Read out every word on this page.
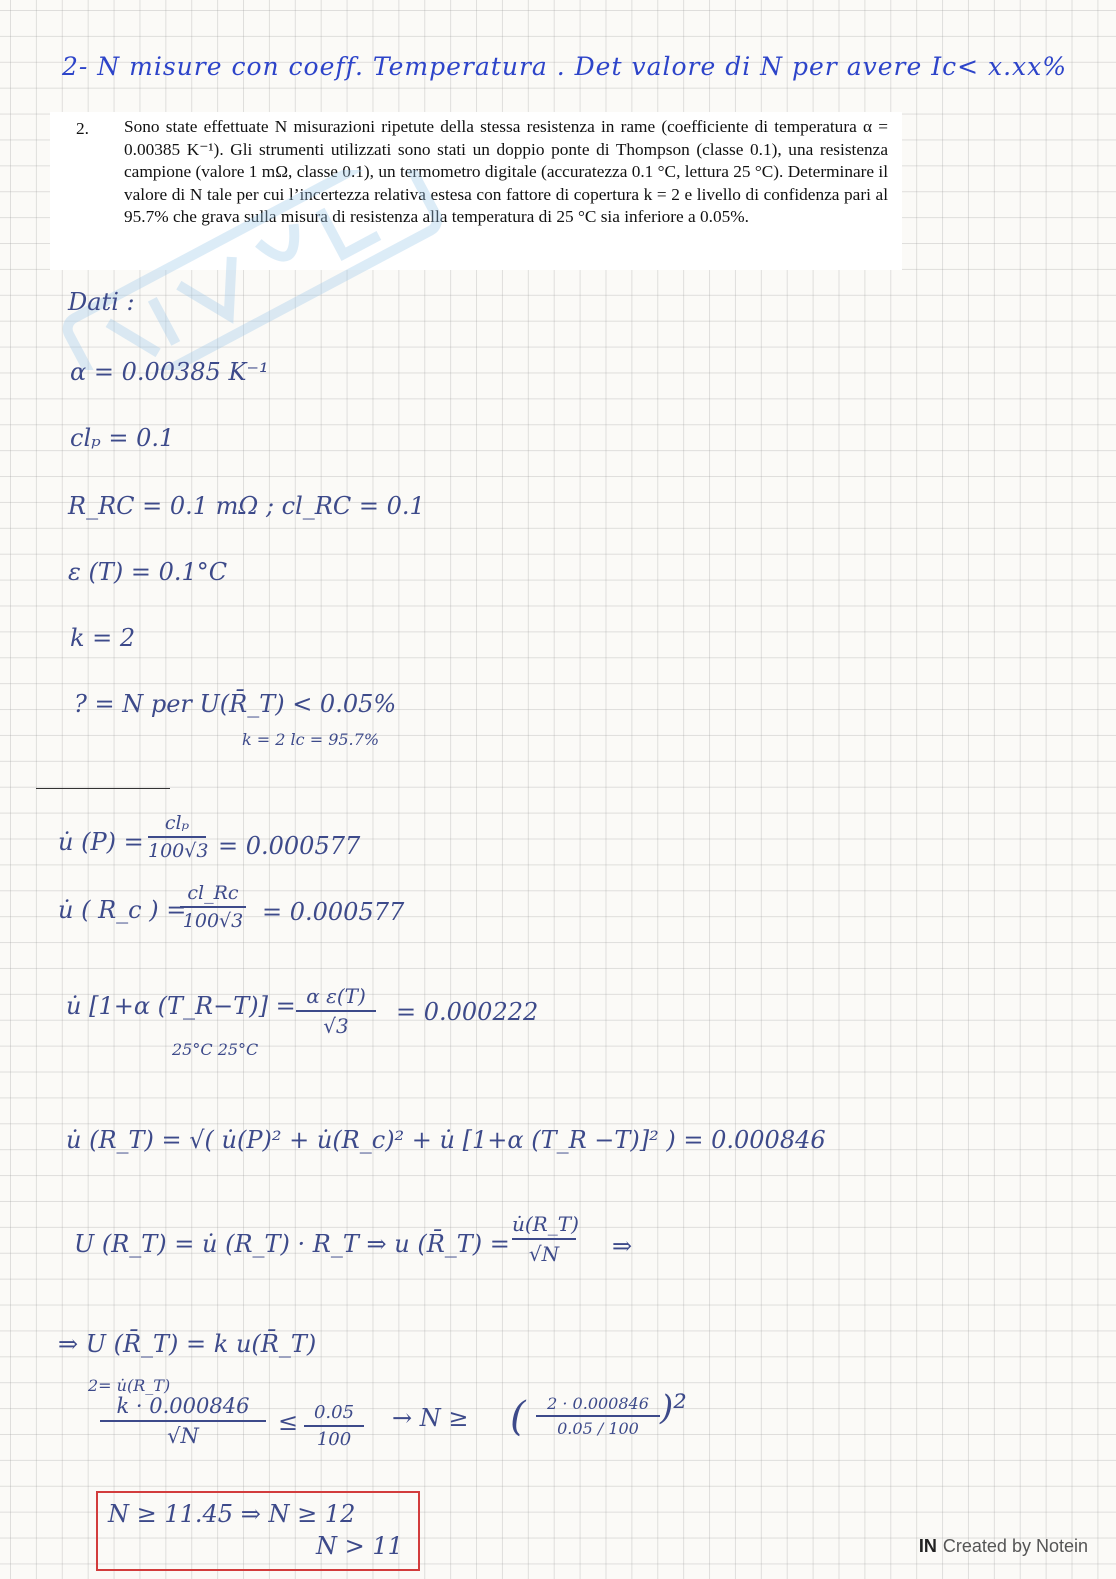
2- N misure con coeff. Temperatura . Det valore di N per avere Ic< x.xx%
2. Sono state effettuate N misurazioni ripetute della stessa resistenza in rame (coefficiente di temperatura α = 0.00385 K⁻¹). Gli strumenti utilizzati sono stati un doppio ponte di Thompson (classe 0.1), una resistenza campione (valore 1 mΩ, classe 0.1), un termometro digitale (accuratezza 0.1 °C, lettura 25 °C). Determinare il valore di N tale per cui l’incertezza relativa estesa con fattore di copertura k = 2 e livello di confidenza pari al 95.7% che grava sulla misura di resistenza alla temperatura di 25 °C sia inferiore a 0.05%.
Dati :
α = 0.00385 K⁻¹
clₚ = 0.1
R_RC = 0.1 mΩ ; cl_RC = 0.1
ε (T) = 0.1°C
k = 2
? = N per U(R̄_T) < 0.05%
k = 2 lc = 95.7%
u̇ (P) =
clₚ
100√3 = 0.000577
u̇ ( R_c ) =
cl_Rc
100√3 = 0.000577
u̇ [1+α (T_R−T)] =
25°C 25°C
α ε(T)
√3	= 0.000222
u̇ (R_T) = √( u̇(P)² + u̇(R_c)² + u̇ [1+α (T_R −T)]² ) = 0.000846
U (R_T) = u̇ (R_T) · R_T ⇒ u (R̄_T) =
u̇(R_T)
√N	⇒
⇒ U (R̄_T) = k u(R̄_T)
2= u̇(R_T)
k · 0.000846
√N	≤ 0.05
100
→ N ≥ (	2 · 0.000846
0.05 / 100
)²
N ≥ 11.45 ⇒ N ≥ 12
N > 11	IN Created by Notein
